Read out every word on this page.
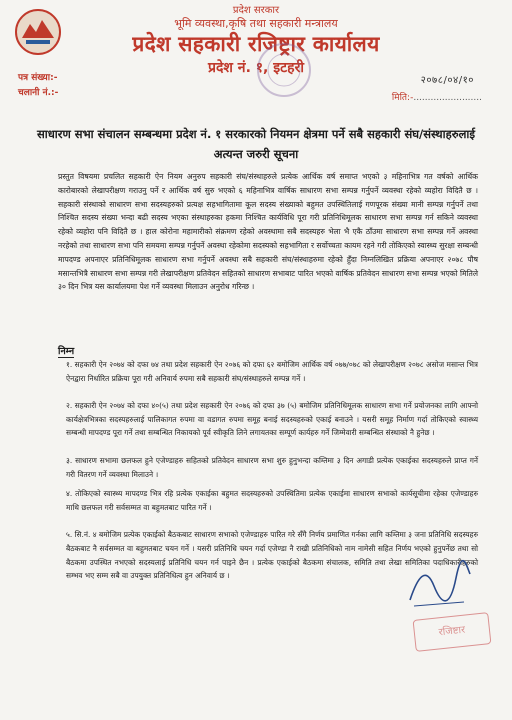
प्रदेश सरकार
भूमि व्यवस्था,कृषि तथा सहकारी मन्त्रालय
प्रदेश सहकारी रजिष्ट्रार कार्यालय
प्रदेश नं. १, इटहरी
पत्र संख्या:-
चलानी नं.:-
२०७८/०४/१०
मिति:-........................
साधारण सभा संचालन सम्बन्धमा प्रदेश नं. १ सरकारको नियमन क्षेत्रमा पर्ने सबै सहकारी संघ/संस्थाहरुलाई अत्यन्त जरुरी सूचना
प्रस्तुत विषयमा प्रचलित सहकारी ऐन नियम अनुरुप सहकारी संघ/संस्थाहरुले प्रत्येक आर्थिक वर्ष समाप्त भएको ३ महिनाभित्र गत वर्षको आर्थिक कारोबारको लेखापरीक्षण गराउनु पर्ने र आर्थिक वर्ष सुरु भएको ६ महिनाभित्र वार्षिक साधारण सभा सम्पन्न गर्नुपर्ने व्यवस्था रहेको व्यहोरा विदितै छ । सहकारी संस्थाको साधारण सभा सदस्यहरुको प्रत्यक्ष सहभागितामा कूल सदस्य संख्याको बहुमत उपस्थितिलाई गणपूरक संख्या मानी सम्पन्न गर्नुपर्ने तथा निश्चित सदस्य संख्या भन्दा बढी सदस्य भएका संस्थाहरुका हकमा निश्चित कार्यविधि पूरा गरी प्रतिनिधिमूलक साधारण सभा सम्पन्न गर्न सकिने व्यवस्था रहेको व्यहोरा पनि विदितै छ । हाल कोरोना महामारीको संक्रमण रहेको अवस्थामा सबै सदस्यहरु भेला भै एकै ठाँउमा साधारण सभा सम्पन्न गर्ने अवस्था नरहेको तथा साधारण सभा पनि समयमा सम्पन्न गर्नुपर्ने अवस्था रहेकोमा सदस्यको सहभागिता र सर्वोच्चता कायम रहने गरी तोकिएको स्वास्थ्य सुरक्षा सम्बन्धी मापदण्ड अपनाएर प्रतिनिधिमूलक साधारण सभा गर्नुपर्ने अवस्था सबै सहकारी संघ/संस्थाहरुमा रहेको हुँदा निम्नलिखित प्रक्रिया अपनाएर २०७८ पौष मसान्तभित्रै साधारण सभा सम्पन्न गरी लेखापरीक्षण प्रतिवेदन सहितको साधारण सभाबाट पारित भएको वार्षिक प्रतिवेदन साधारण सभा सम्पन्न भएको मितिले ३० दिन भित्र यस कार्यालयमा पेश गर्ने व्यवस्था मिलाउन अनुरोध गरिन्छ ।
निम्न
१. सहकारी ऐन २०७४ को दफा ७४ तथा प्रदेश सहकारी ऐन २०७६ को दफा ६२ बमोजिम आर्थिक वर्ष ०७७/०७८ को लेखापरीक्षण २०७८ असोज मसान्त भित्र ऐनद्वारा निर्धारित प्रक्रिया पूरा गरी अनिवार्य रुपमा सबै सहकारी संघ/संस्थाहरुले सम्पन्न गर्ने ।
२. सहकारी ऐन २०७४ को दफा ४०(५) तथा प्रदेश सहकारी ऐन २०७६ को दफा ३७ (५) बमोजिम प्रतिनिधिमूलक साधारण सभा गर्ने प्रयोजनका लागि आफ्नो कार्यक्षेत्रभित्रका सदस्यहरुलाई पालिकागत रुपमा वा वडागत रुपमा समूह बनाई सदस्यहरुको एकाई बनाउने । यसरी समूह निर्माण गर्दा तोकिएको स्वास्थ्य सम्बन्धी मापदण्ड पूरा गर्ने तथा सम्बन्धित निकायको पूर्व स्वीकृति लिने लगायतका सम्पूर्ण कार्यहरु गर्ने जिम्मेवारी सम्बन्धित संस्थाको नै हुनेछ ।
३. साधारण सभामा छलफल हुने एजेण्डाहरु सहितको प्रतिवेदन साधारण सभा शुरु हुनुभन्दा कम्तिमा ३ दिन अगाडी प्रत्येक एकाईका सदस्यहरुले प्राप्त गर्ने गरी वितरण गर्ने व्यवस्था मिलाउने ।
४. तोकिएको स्वास्थ्य मापदण्ड भित्र रहि प्रत्येक एकाईका बहुमत सदस्यहरुको उपस्थितिमा प्रत्येक एकाईमा साधारण सभाको कार्यसूचीमा रहेका एजेण्डाहरु माथि छलफल गरी सर्वसम्मत वा बहुमतबाट पारित गर्ने ।
५. सि.नं. ४ बमोजिम प्रत्येक एकाईको बैठकबाट साधारण सभाको एजेण्डाहरु पारित गरे सँगै निर्णय प्रमाणित गर्नका लागि कम्तिमा ३ जना प्रतिनिधि सदस्यहरु बैठकबाट नै सर्वसम्मत वा बहुमतबाट चयन गर्ने । यसरी प्रतिनिधि चयन गर्दा एजेण्डा नै राखी प्रतिनिधिको नाम नामेसी सहित निर्णय भएको हुनुपर्नेछ तथा सो बैठकमा उपस्थित नभएको सदस्यलाई प्रतिनिधि चयन गर्न पाइने छैन । प्रत्येक एकाईको बैठकमा संचालक, समिति तथा लेखा समितिका पदाधिकारीहरुको सम्भव भए सम्म सबै वा उपयुक्त प्रतिनिधित्व हुन अनिवार्य छ ।
रजिष्टार
